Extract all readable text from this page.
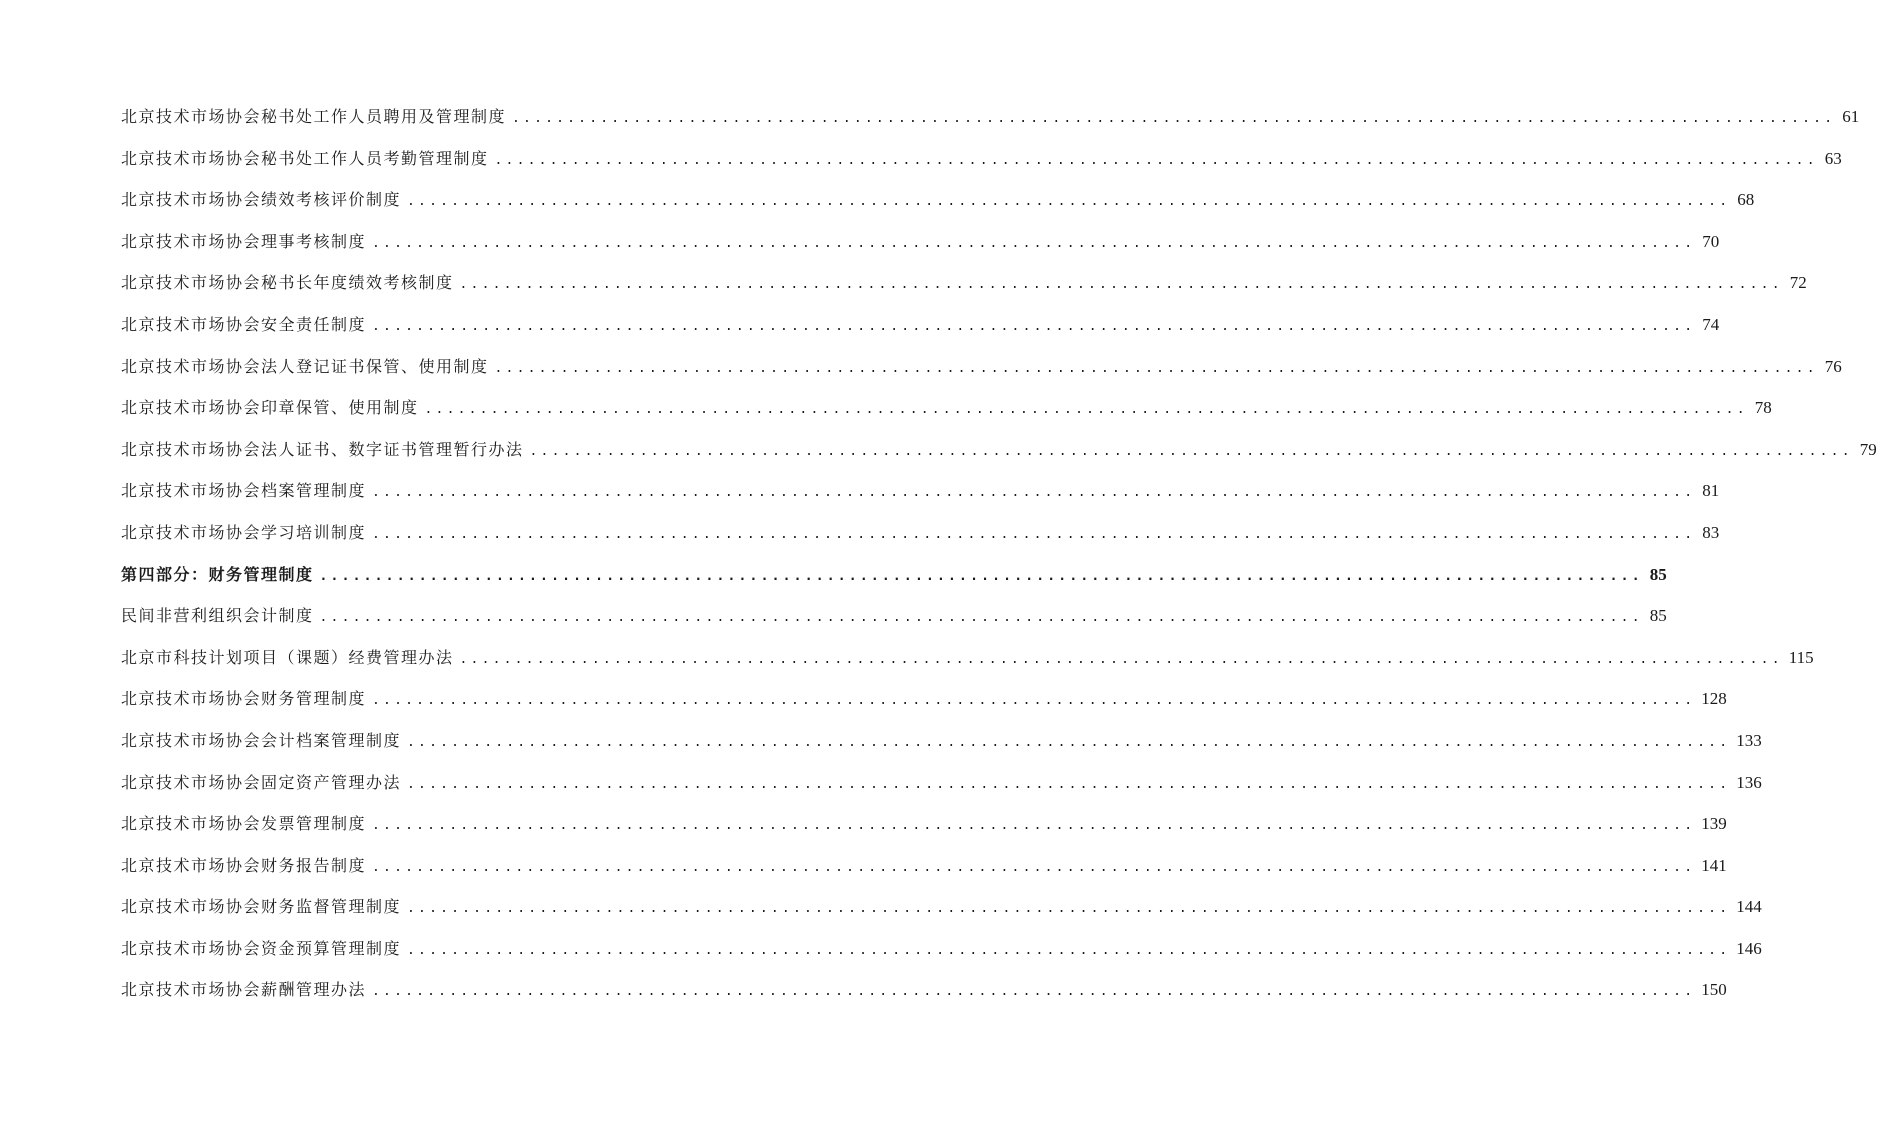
北京技术市场协会秘书处工作人员聘用及管理制度 ........................................................................................................................ 61
北京技术市场协会秘书处工作人员考勤管理制度 ........................................................................................................................ 63
北京技术市场协会绩效考核评价制度 ........................................................................................................................ 68
北京技术市场协会理事考核制度 ........................................................................................................................ 70
北京技术市场协会秘书长年度绩效考核制度 ........................................................................................................................ 72
北京技术市场协会安全责任制度 ........................................................................................................................ 74
北京技术市场协会法人登记证书保管、使用制度 ........................................................................................................................ 76
北京技术市场协会印章保管、使用制度 ........................................................................................................................ 78
北京技术市场协会法人证书、数字证书管理暂行办法 ........................................................................................................................ 79
北京技术市场协会档案管理制度 ........................................................................................................................ 81
北京技术市场协会学习培训制度 ........................................................................................................................ 83
第四部分：财务管理制度 ........................................................................................................................ 85
民间非营利组织会计制度 ........................................................................................................................ 85
北京市科技计划项目（课题）经费管理办法 ........................................................................................................................ 115
北京技术市场协会财务管理制度 ........................................................................................................................ 128
北京技术市场协会会计档案管理制度 ........................................................................................................................ 133
北京技术市场协会固定资产管理办法 ........................................................................................................................ 136
北京技术市场协会发票管理制度 ........................................................................................................................ 139
北京技术市场协会财务报告制度 ........................................................................................................................ 141
北京技术市场协会财务监督管理制度 ........................................................................................................................ 144
北京技术市场协会资金预算管理制度 ........................................................................................................................ 146
北京技术市场协会薪酬管理办法 ........................................................................................................................ 150
